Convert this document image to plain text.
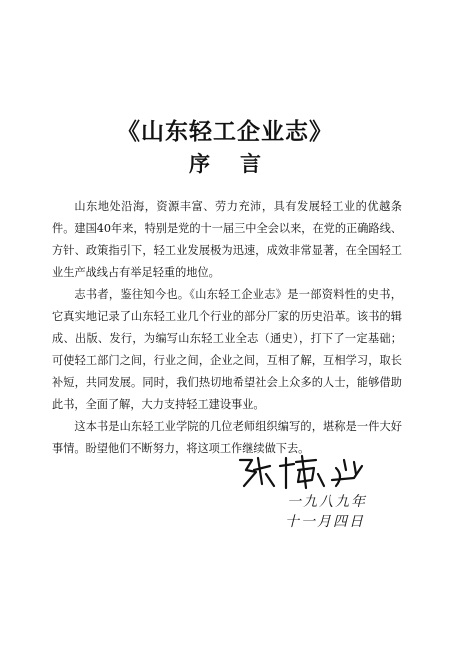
《山东轻工企业志》
序言

山东地处沿海，资源丰富、劳力充沛，具有发展轻工业的优越条件。建国40年来，特别是党的十一届三中全会以来，在党的正确路线、方针、政策指引下，轻工业发展极为迅速，成效非常显著，在全国轻工业生产战线占有举足轻重的地位。

志书者，鉴往知今也。《山东轻工企业志》是一部资料性的史书，它真实地记录了山东轻工业几个行业的部分厂家的历史沿革。该书的辑成、出版、发行，为编写山东轻工业全志（通史），打下了一定基础；可使轻工部门之间，行业之间，企业之间，互相了解，互相学习，取长补短，共同发展。同时，我们热切地希望社会上众多的人士，能够借助此书，全面了解，大力支持轻工建设事业。

这本书是山东轻工业学院的几位老师组织编写的，堪称是一件大好事情。盼望他们不断努力，将这项工作继续做下去。

一九八九年
十一月四日
